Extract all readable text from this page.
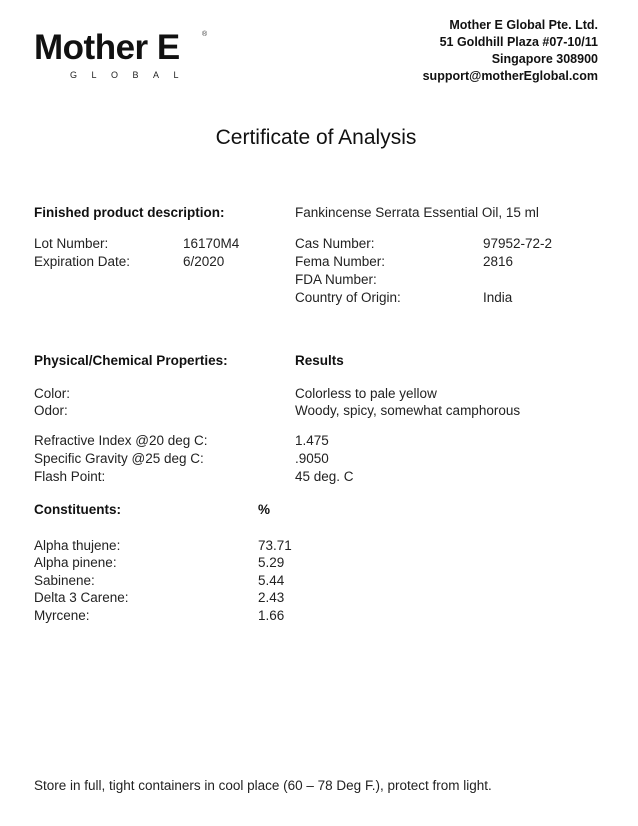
Mother E	®
GLOBAL
Mother E Global Pte. Ltd.
51 Goldhill Plaza #07-10/11
Singapore 308900
support@motherEglobal.com
Certificate of Analysis
Finished product description:	Fankincense Serrata Essential Oil, 15 ml
Lot Number:	16170M4
Expiration Date:	6/2020
Cas Number:	97952-72-2
Fema Number:	2816
FDA Number:
Country of Origin:	India
Physical/Chemical Properties:	Results
Color:	Colorless to pale yellow
Odor:	Woody, spicy, somewhat camphorous
Refractive Index @20 deg C:	1.475
Specific Gravity @25 deg C:	.9050
Flash Point:	45 deg. C
Constituents:	%
Alpha thujene:	73.71
Alpha pinene:	5.29
Sabinene:	5.44
Delta 3 Carene:	2.43
Myrcene:	1.66
Store in full, tight containers in cool place (60 – 78 Deg F.), protect from light.
